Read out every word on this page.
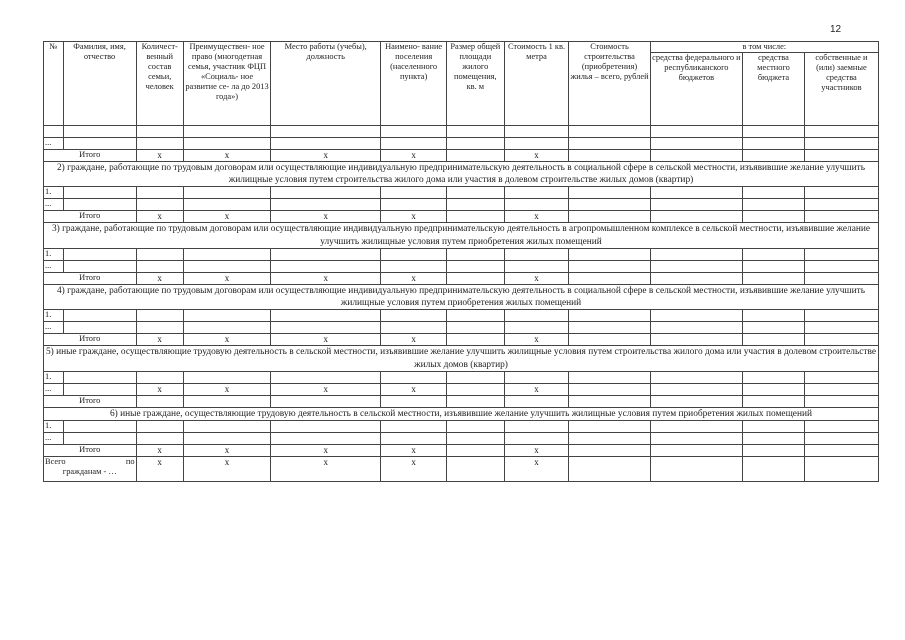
12
№	Фамилия, имя, отчество	Количест- венный состав семьи, человек	Преимуществен- ное право (многодетная семья, участник ФЦП «Социаль- ное развитие се- ла до 2013 года»)	Место работы (учебы), должность	Наимено- вание поселения (населенного пункта)	Размер общей площади жилого помещения, кв. м	Стоимость 1 кв. метра	Стоимость строительства (приобретения) жилья – всего, рублей	в том числе:		
									средства федерального и республиканского бюджетов	средства местного бюджета	собственные и (или) заемные средства участников

...											
Итого		х	х	х	х		х				
2) граждане, работающие по трудовым договорам или осуществляющие индивидуальную предпринимательскую деятельность в социальной сфере в сельской местности, изъявившие желание улучшить жилищные условия путем строительства жилого дома или участия в долевом строительстве жилых домов (квартир)											
1.											
...											
Итого		х	х	х	х		х				
3) граждане, работающие по трудовым договорам или осуществляющие индивидуальную предпринимательскую деятельность в агропромышленном комплексе в сельской местности, изъявившие желание улучшить жилищные условия путем приобретения жилых помещений											
1.											
...											
Итого		х	х	х	х		х				
4) граждане, работающие по трудовым договорам или осуществляющие индивидуальную предпринимательскую деятельность в социальной сфере в сельской местности, изъявившие желание улучшить жилищные условия путем приобретения жилых помещений											
1.											
...											
Итого		х	х	х	х		х				
5) иные граждане, осуществляющие трудовую деятельность в сельской местности, изъявившие желание улучшить жилищные условия путем строительства жилого дома или участия в долевом строительстве жилых домов (квартир)											
1.											
...		х	х	х	х		х				
Итого											
6) иные граждане, осуществляющие трудовую деятельность в сельской местности, изъявившие желание улучшить жилищные условия путем приобретения жилых помещений											
1.											
...											
Итого		х	х	х	х		х				

Всего по
гражданам - …		х	х	х	х		х				
